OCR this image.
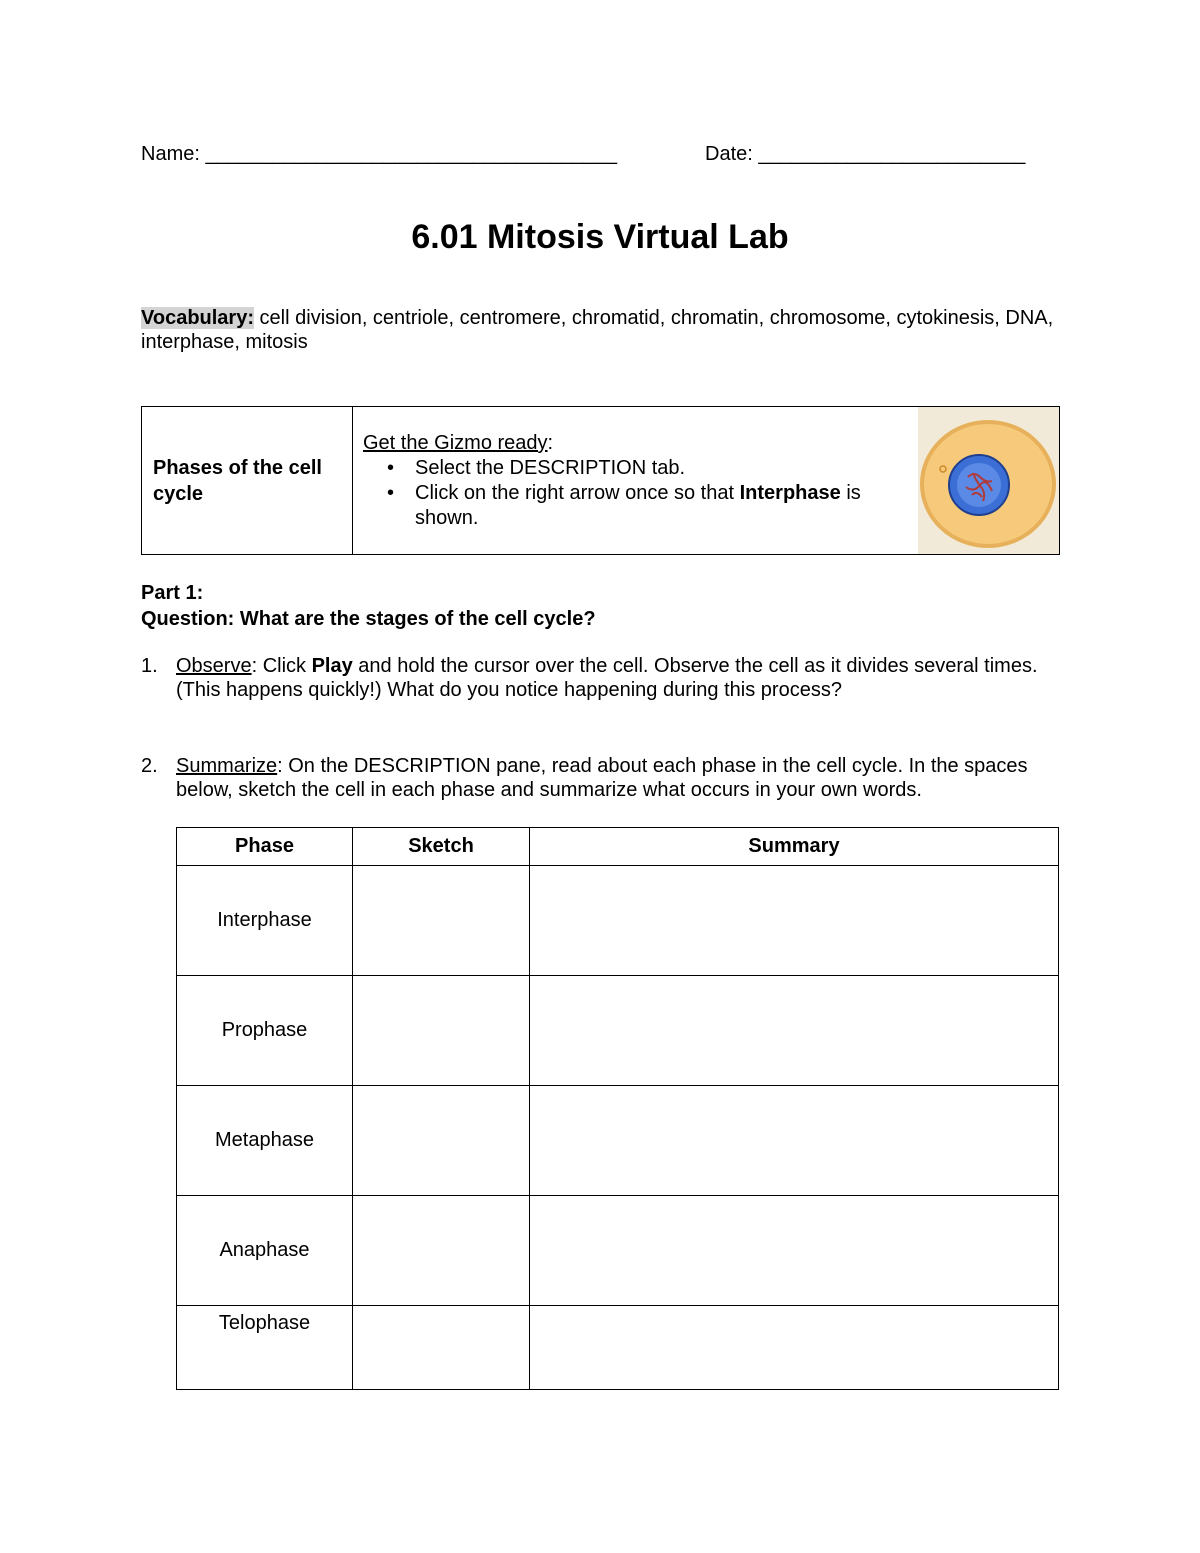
Name: _____________________________________	Date: ________________________
6.01 Mitosis Virtual Lab
Vocabulary: cell division, centriole, centromere, chromatid, chromatin, chromosome, cytokinesis, DNA, interphase, mitosis
Phases of the cell cycle
Get the Gizmo ready:
• Select the DESCRIPTION tab.
• Click on the right arrow once so that Interphase is shown.
Part 1:
Question: What are the stages of the cell cycle?
1. Observe: Click Play and hold the cursor over the cell. Observe the cell as it divides several times. (This happens quickly!) What do you notice happening during this process?
2. Summarize: On the DESCRIPTION pane, read about each phase in the cell cycle. In the spaces below, sketch the cell in each phase and summarize what occurs in your own words.
Phase	Sketch	Summary
Interphase		
Prophase		
Metaphase		
Anaphase		
Telophase		
